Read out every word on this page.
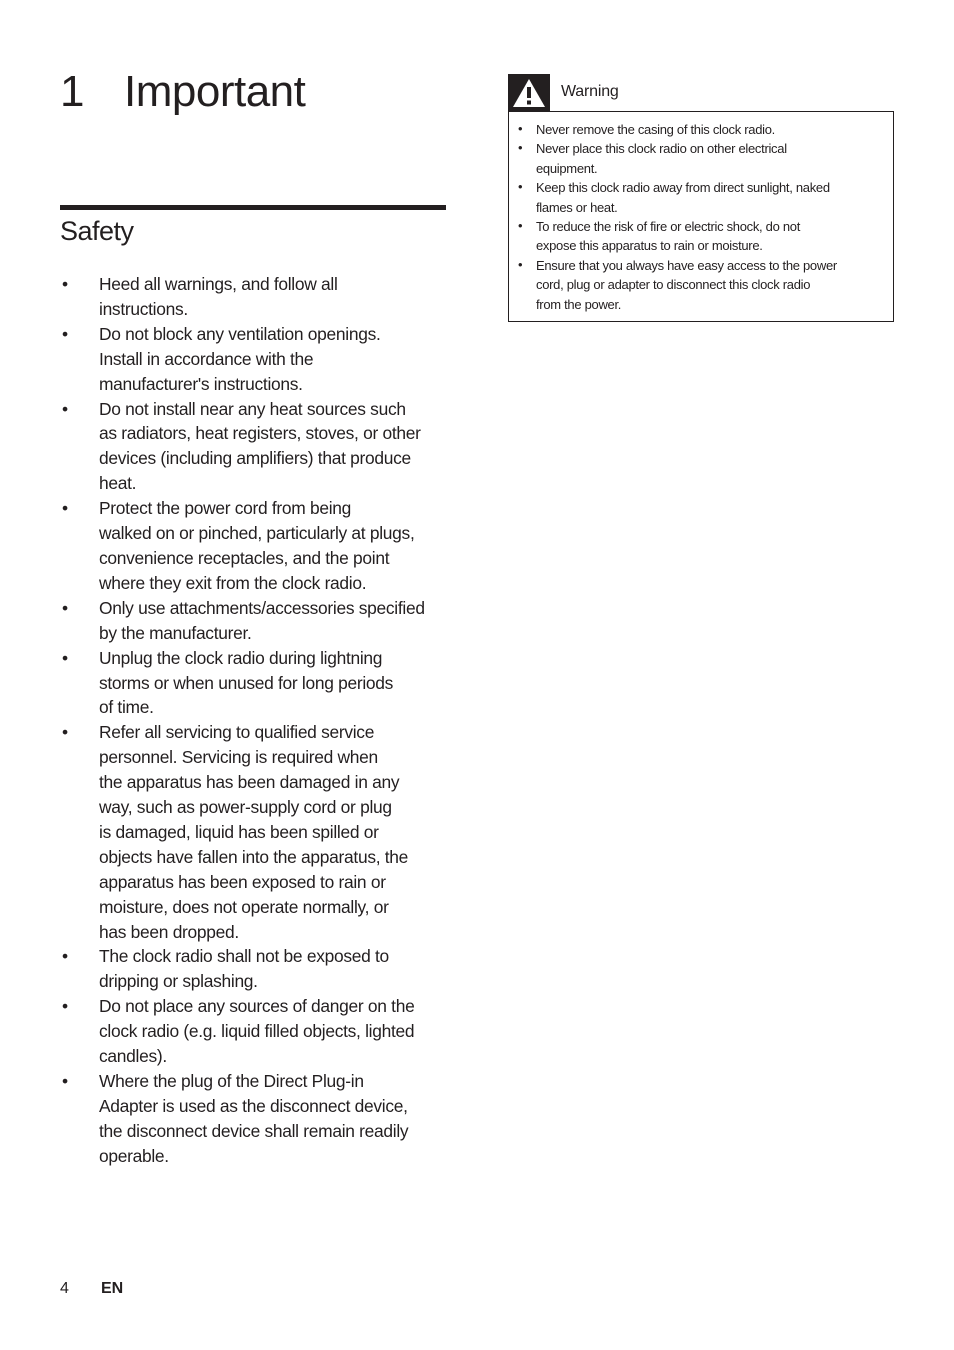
1 Important
Safety
• Heed all warnings, and follow all
instructions.
• Do not block any ventilation openings.
Install in accordance with the
manufacturer's instructions.
• Do not install near any heat sources such
as radiators, heat registers, stoves, or other
devices (including amplifiers) that produce
heat.
• Protect the power cord from being
walked on or pinched, particularly at plugs,
convenience receptacles, and the point
where they exit from the clock radio.
• Only use attachments/accessories specified
by the manufacturer.
• Unplug the clock radio during lightning
storms or when unused for long periods
of time.
• Refer all servicing to qualified service
personnel. Servicing is required when
the apparatus has been damaged in any
way, such as power-supply cord or plug
is damaged, liquid has been spilled or
objects have fallen into the apparatus, the
apparatus has been exposed to rain or
moisture, does not operate normally, or
has been dropped.
• The clock radio shall not be exposed to
dripping or splashing.
• Do not place any sources of danger on the
clock radio (e.g. liquid filled objects, lighted
candles).
• Where the plug of the Direct Plug-in
Adapter is used as the disconnect device,
the disconnect device shall remain readily
operable.
Warning
• Never remove the casing of this clock radio.
• Never place this clock radio on other electrical
equipment.
• Keep this clock radio away from direct sunlight, naked
flames or heat.
• To reduce the risk of fire or electric shock, do not
expose this apparatus to rain or moisture.
• Ensure that you always have easy access to the power
cord, plug or adapter to disconnect this clock radio
from the power.
4 EN
